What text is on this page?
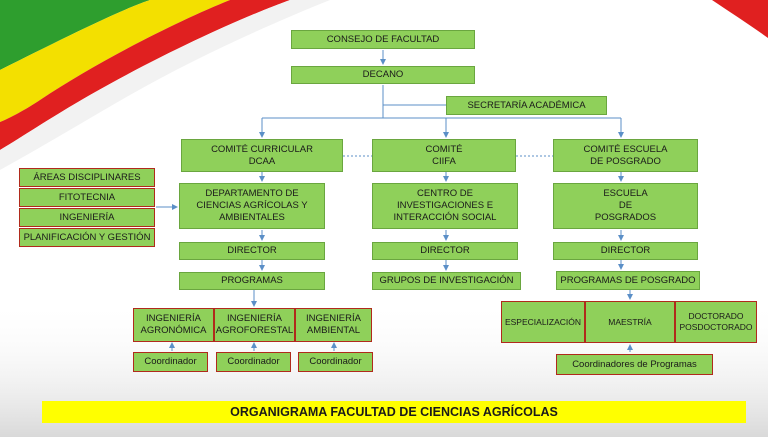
CONSEJO DE FACULTAD
DECANO
SECRETARÍA ACADÉMICA
COMITÉ CURRICULAR
DCAA
COMITÉ
CIIFA
COMITÉ ESCUELA
DE POSGRADO
ÁREAS DISCIPLINARES
FITOTECNIA
INGENIERÍA
PLANIFICACIÓN Y GESTIÓN
DEPARTAMENTO DE
CIENCIAS AGRÍCOLAS Y
AMBIENTALES
CENTRO DE
INVESTIGACIONES E
INTERACCIÓN SOCIAL
ESCUELA
DE
POSGRADOS
DIRECTOR	DIRECTOR	DIRECTOR
PROGRAMAS	GRUPOS DE INVESTIGACIÓN	PROGRAMAS DE POSGRADO
INGENIERÍA
AGRONÓMICA
INGENIERÍA
AGROFORESTAL
INGENIERÍA
AMBIENTAL
Coordinador	Coordinador	Coordinador
ESPECIALIZACIÓN	MAESTRÍA
DOCTORADO
POSDOCTORADO
Coordinadores de Programas
ORGANIGRAMA FACULTAD DE CIENCIAS AGRÍCOLAS
